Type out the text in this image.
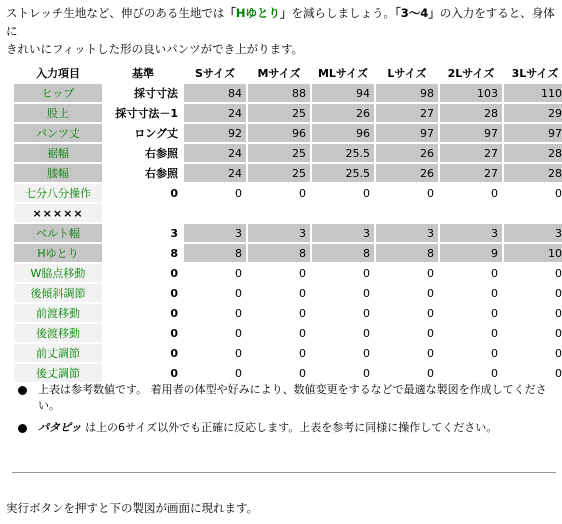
ストレッチ生地など、伸びのある生地では「Hゆとり」を減らしましょう。「3～4」の入力をすると、身体に
きれいにフィットした形の良いパンツができ上がります。
入力項目	基準	Sサイズ	Mサイズ	MLサイズ	Lサイズ	2Lサイズ	3Lサイズ
ヒップ	採寸寸法	84	88	94	98	103	110
股上	採寸寸法－1	24	25	26	27	28	29
パンツ丈	ロング丈	92	96	96	97	97	97
裾幅	右参照	24	25	25.5	26	27	28
膝幅	右参照	24	25	25.5	26	27	28
七分八分操作	0	0	0	0	0	0	0
×××××							
ベルト幅	3	3	3	3	3	3	3
Hゆとり	8	8	8	8	8	9	10
W脇点移動	0	0	0	0	0	0	0
後傾斜調節	0	0	0	0	0	0	0
前渡移動	0	0	0	0	0	0	0
後渡移動	0	0	0	0	0	0	0
前丈調節	0	0	0	0	0	0	0
後丈調節	0	0	0	0	0	0	0
上表は参考数値です。 着用者の体型や好みにより、数値変更をするなどで最適な製図を作成してください。
パタピッ は上の6サイズ以外でも正確に反応します。上表を参考に同様に操作してください。
実行ボタンを押すと下の製図が画面に現れます。
